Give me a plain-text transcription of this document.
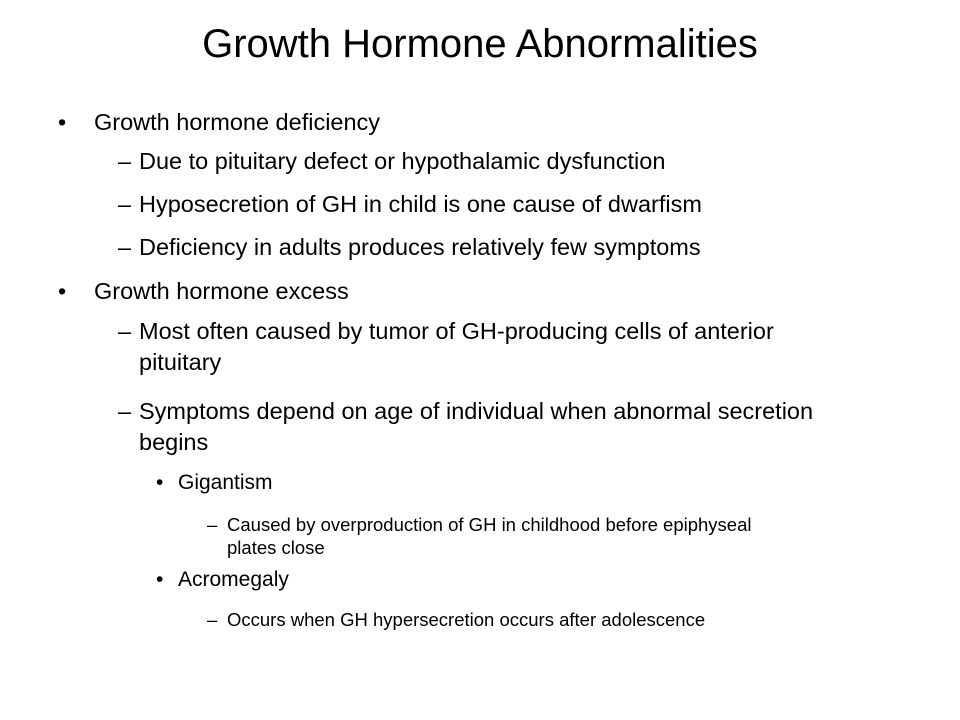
Growth Hormone Abnormalities
• Growth hormone deficiency
– Due to pituitary defect or hypothalamic dysfunction
– Hyposecretion of GH in child is one cause of dwarfism
– Deficiency in adults produces relatively few symptoms
• Growth hormone excess
– Most often caused by tumor of GH-producing cells of anterior pituitary
– Symptoms depend on age of individual when abnormal secretion begins
• Gigantism
– Caused by overproduction of GH in childhood before epiphyseal plates close
• Acromegaly
– Occurs when GH hypersecretion occurs after adolescence
